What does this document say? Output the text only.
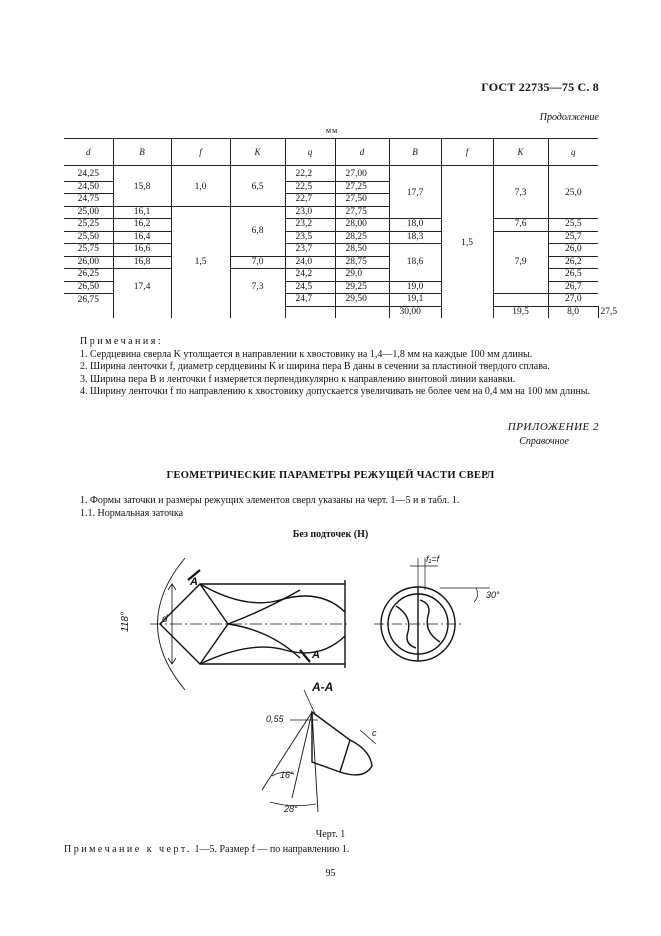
ГОСТ 22735—75 С. 8
Продолжение
мм
d	B	f	K	q	d	B	f	K	q	
24,25	15,8	1,0	6,5	22,2	27,00	17,7	1,5	7,3	25,0	
24,50				22,5	27,25					
24,75				22,7	27,50					
25,00	16,1	1,5	6,8	23,0	27,75					
25,25	16,2			23,2	28,00	18,0		7,6	25,5	
25,50	16,4			23,5	28,25	18,3		7,9	25,7	
25,75	16,6			23,7	28,50	18,6			26,0	
26,00	16,8		7,0	24,0	28,75				26,2	
26,25	17,4		7,3	24,2	29,0				26,5	
26,50				24,5	29,25	19,0			26,7	
26,75				24,7	29,50	19,1			27,0	
						30,00		19,5	8,0	27,5

Примечания:

1. Сердцевина сверла K утолщается в направлении к хвостовику на 1,4—1,8 мм на каждые 100 мм длины.

2. Ширина ленточки f, диаметр сердцевины K и ширина пера B даны в сечении за пластиной твердого сплава.

3. Ширина пера B и ленточки f измеряется перпендикулярно к направлению винтовой линии канавки.

4. Ширину ленточки f по направлению к хвостовику допускается увеличивать не более чем на 0,4 мм на 100 мм длины.

ПРИЛОЖЕНИЕ 2
Справочное
ГЕОМЕТРИЧЕСКИЕ ПАРАМЕТРЫ РЕЖУЩЕЙ ЧАСТИ СВЕРЛ

1. Формы заточки и размеры режущих элементов сверл указаны на черт. 1—5 и в табл. 1.

1.1. Нормальная заточка

Без подточек (Н)
118°	d
A
A
f₁=f
30°
A-A
0,55
c
16°
28°
Черт. 1
Примечание к черт. 1—5. Размер f — по направлению 1.
95
